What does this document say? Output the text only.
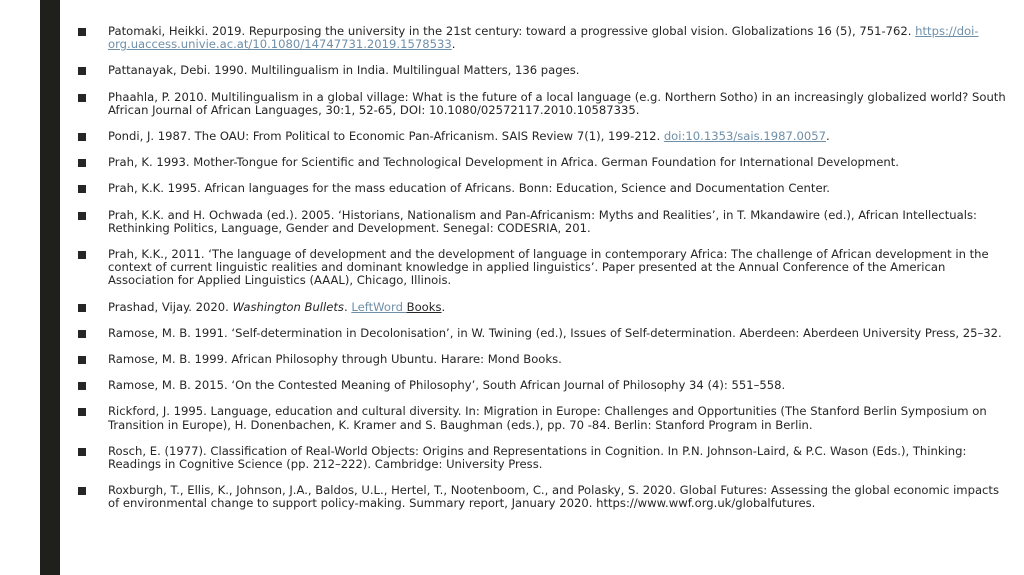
Patomaki, Heikki. 2019. Repurposing the university in the 21st century: toward a progressive global vision. Globalizations 16 (5), 751-762. https://doi-org.uaccess.univie.ac.at/10.1080/14747731.2019.1578533.
Pattanayak, Debi. 1990. Multilingualism in India. Multilingual Matters, 136 pages.
Phaahla, P. 2010. Multilingualism in a global village: What is the future of a local language (e.g. Northern Sotho) in an increasingly globalized world? South African Journal of African Languages, 30:1, 52-65, DOI: 10.1080/02572117.2010.10587335.
Pondi, J. 1987. The OAU: From Political to Economic Pan-Africanism. SAIS Review 7(1), 199-212. doi:10.1353/sais.1987.0057.
Prah, K. 1993. Mother-Tongue for Scientific and Technological Development in Africa. German Foundation for International Development.
Prah, K.K. 1995. African languages for the mass education of Africans. Bonn: Education, Science and Documentation Center.
Prah, K.K. and H. Ochwada (ed.). 2005. ‘Historians, Nationalism and Pan-Africanism: Myths and Realities’, in T. Mkandawire (ed.), African Intellectuals: Rethinking Politics, Language, Gender and Development. Senegal: CODESRIA, 201.
Prah, K.K., 2011. ‘The language of development and the development of language in contemporary Africa: The challenge of African development in the context of current linguistic realities and dominant knowledge in applied linguistics’. Paper presented at the Annual Conference of the American Association for Applied Linguistics (AAAL), Chicago, Illinois.
Prashad, Vijay. 2020. Washington Bullets. LeftWord Books.
Ramose, M. B. 1991. ‘Self-determination in Decolonisation’, in W. Twining (ed.), Issues of Self-determination. Aberdeen: Aberdeen University Press, 25–32.
Ramose, M. B. 1999. African Philosophy through Ubuntu. Harare: Mond Books.
Ramose, M. B. 2015. ‘On the Contested Meaning of Philosophy’, South African Journal of Philosophy 34 (4): 551–558.
Rickford, J. 1995. Language, education and cultural diversity. In: Migration in Europe: Challenges and Opportunities (The Stanford Berlin Symposium on Transition in Europe), H. Donenbachen, K. Kramer and S. Baughman (eds.), pp. 70 -84. Berlin: Stanford Program in Berlin.
Rosch, E. (1977). Classification of Real-World Objects: Origins and Representations in Cognition. In P.N. Johnson-Laird, & P.C. Wason (Eds.), Thinking: Readings in Cognitive Science (pp. 212–222). Cambridge: University Press.
Roxburgh, T., Ellis, K., Johnson, J.A., Baldos, U.L., Hertel, T., Nootenboom, C., and Polasky, S. 2020. Global Futures: Assessing the global economic impacts of environmental change to support policy-making. Summary report, January 2020. https://www.wwf.org.uk/globalfutures.
